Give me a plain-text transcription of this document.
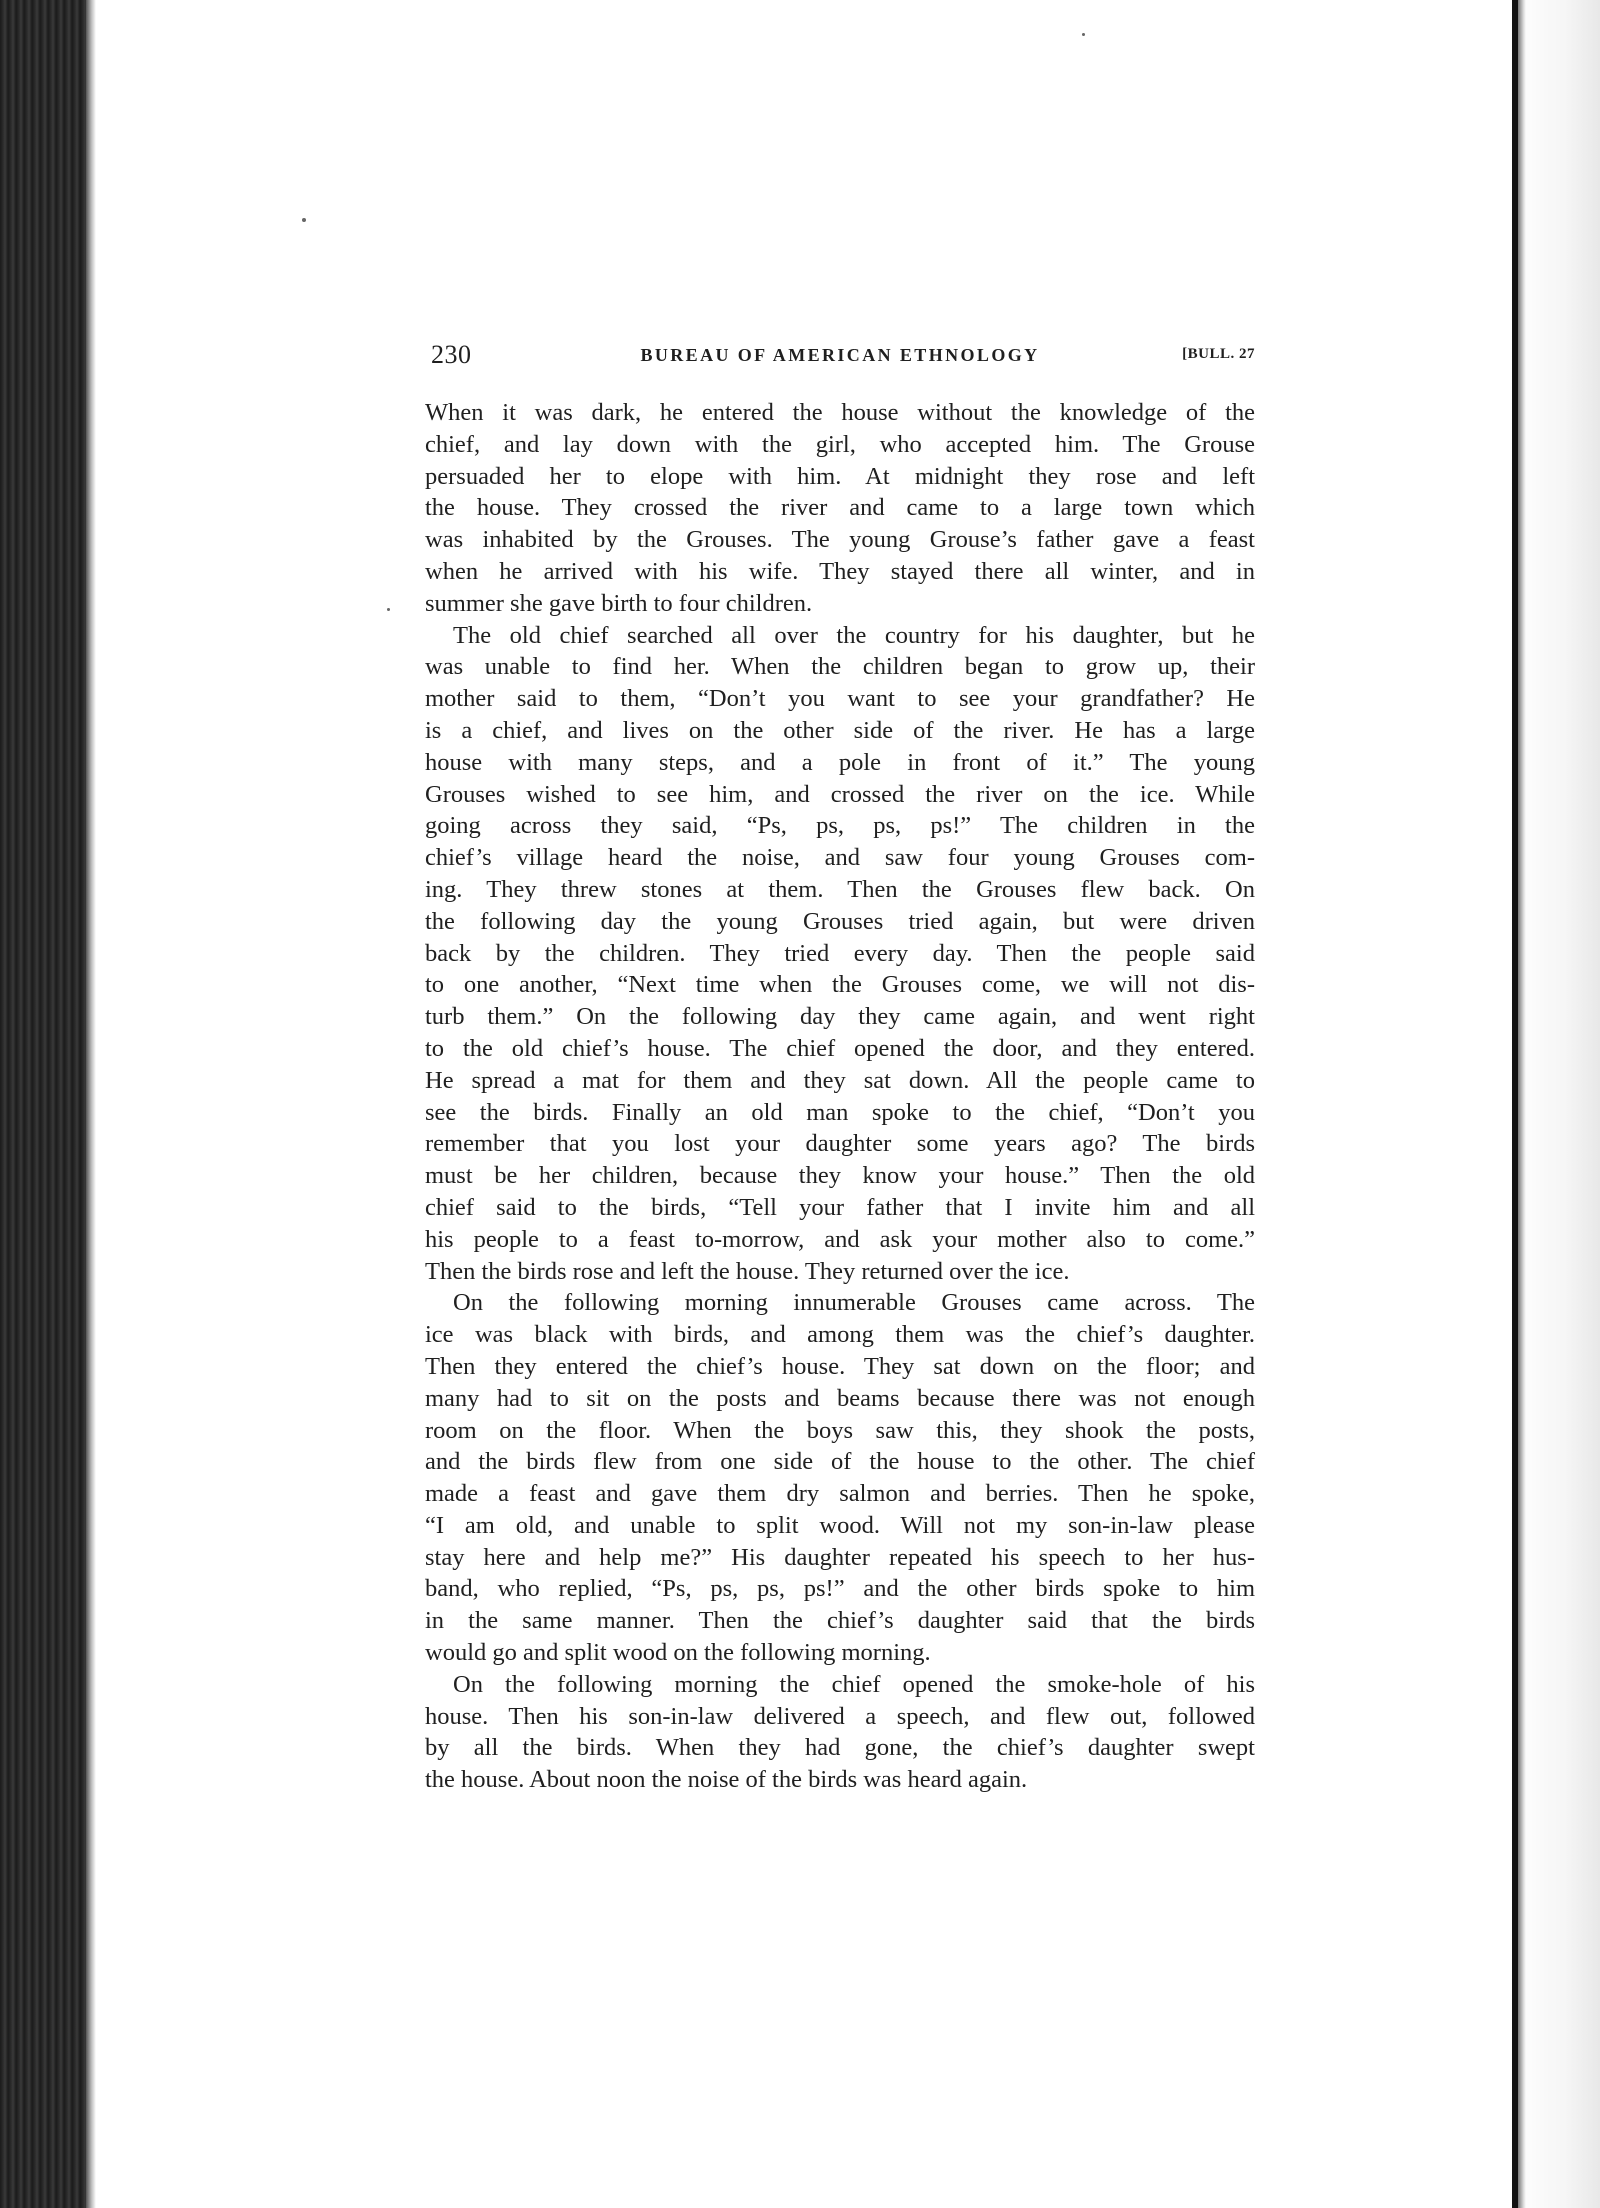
230	BUREAU OF AMERICAN ETHNOLOGY	[BULL. 27
When it was dark, he entered the house without the knowledge of the
chief, and lay down with the girl, who accepted him. The Grouse
persuaded her to elope with him. At midnight they rose and left
the house. They crossed the river and came to a large town which
was inhabited by the Grouses. The young Grouse’s father gave a feast
when he arrived with his wife. They stayed there all winter, and in
summer she gave birth to four children.
The old chief searched all over the country for his daughter, but he
was unable to find her. When the children began to grow up, their
mother said to them, “Don’t you want to see your grandfather? He
is a chief, and lives on the other side of the river. He has a large
house with many steps, and a pole in front of it.” The young
Grouses wished to see him, and crossed the river on the ice. While
going across they said, “Ps, ps, ps, ps!” The children in the
chief’s village heard the noise, and saw four young Grouses com-
ing. They threw stones at them. Then the Grouses flew back. On
the following day the young Grouses tried again, but were driven
back by the children. They tried every day. Then the people said
to one another, “Next time when the Grouses come, we will not dis-
turb them.” On the following day they came again, and went right
to the old chief’s house. The chief opened the door, and they entered.
He spread a mat for them and they sat down. All the people came to
see the birds. Finally an old man spoke to the chief, “Don’t you
remember that you lost your daughter some years ago? The birds
must be her children, because they know your house.” Then the old
chief said to the birds, “Tell your father that I invite him and all
his people to a feast to-morrow, and ask your mother also to come.”
Then the birds rose and left the house. They returned over the ice.
On the following morning innumerable Grouses came across. The
ice was black with birds, and among them was the chief’s daughter.
Then they entered the chief’s house. They sat down on the floor; and
many had to sit on the posts and beams because there was not enough
room on the floor. When the boys saw this, they shook the posts,
and the birds flew from one side of the house to the other. The chief
made a feast and gave them dry salmon and berries. Then he spoke,
“I am old, and unable to split wood. Will not my son-in-law please
stay here and help me?” His daughter repeated his speech to her hus-
band, who replied, “Ps, ps, ps, ps!” and the other birds spoke to him
in the same manner. Then the chief’s daughter said that the birds
would go and split wood on the following morning.
On the following morning the chief opened the smoke-hole of his
house. Then his son-in-law delivered a speech, and flew out, followed
by all the birds. When they had gone, the chief’s daughter swept
the house. About noon the noise of the birds was heard again.
